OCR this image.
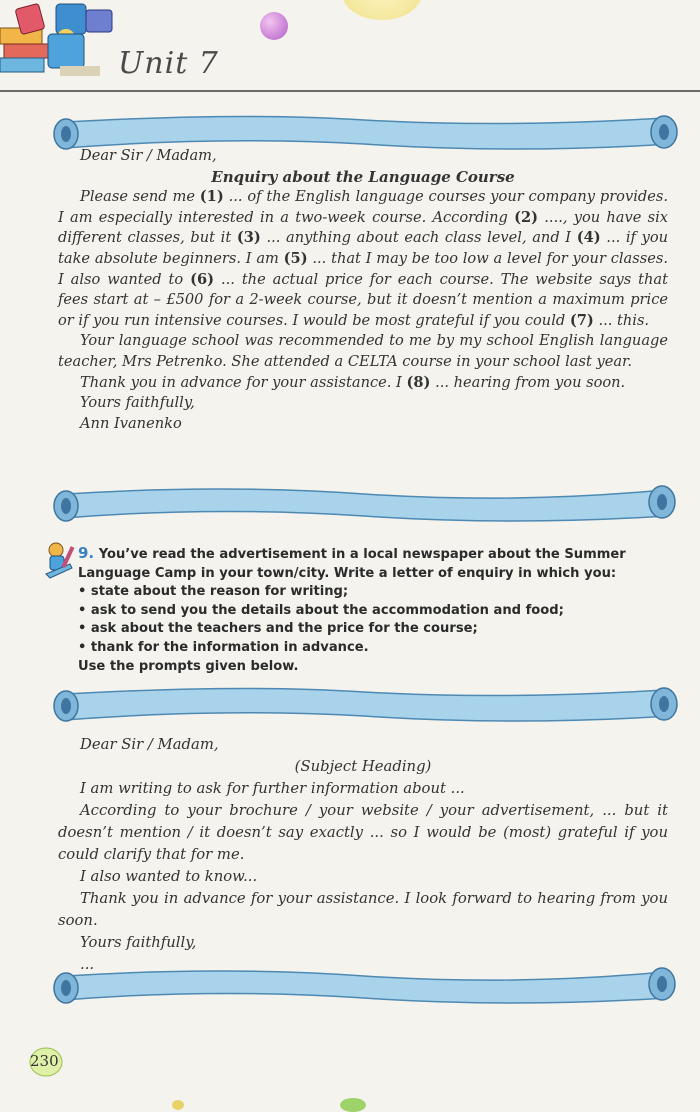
Unit 7

Dear Sir / Madam,

Enquiry about the Language Course

Please send me (1) ... of the English language courses your company provides. I am especially interested in a two-week course. According (2) ...., you have six different classes, but it (3) ... anything about each class level, and I (4) ... if you take absolute beginners. I am (5) ... that I may be too low a level for your classes. I also wanted to (6) ... the actual price for each course. The website says that fees start at – £500 for a 2-week course, but it doesn’t mention a maximum price or if you run intensive courses. I would be most grateful if you could (7) ... this.

Your language school was recommended to me by my school English language teacher, Mrs Petrenko. She attended a CELTA course in your school last year.

Thank you in advance for your assistance. I (8) ... hearing from you soon.

Yours faithfully,

Ann Ivanenko

9. You’ve read the advertisement in a local newspaper about the Summer Language Camp in your town/city. Write a letter of enquiry in which you:

• state about the reason for writing;

• ask to send you the details about the accommodation and food;

• ask about the teachers and the price for the course;

• thank for the information in advance.

Use the prompts given below.

Dear Sir / Madam,

(Subject Heading)

I am writing to ask for further information about ...

According to your brochure / your website / your advertisement, ... but it doesn’t mention / it doesn’t say exactly ... so I would be (most) grateful if you could clarify that for me.

I also wanted to know...

Thank you in advance for your assistance. I look forward to hearing from you soon.

Yours faithfully,

...

230
